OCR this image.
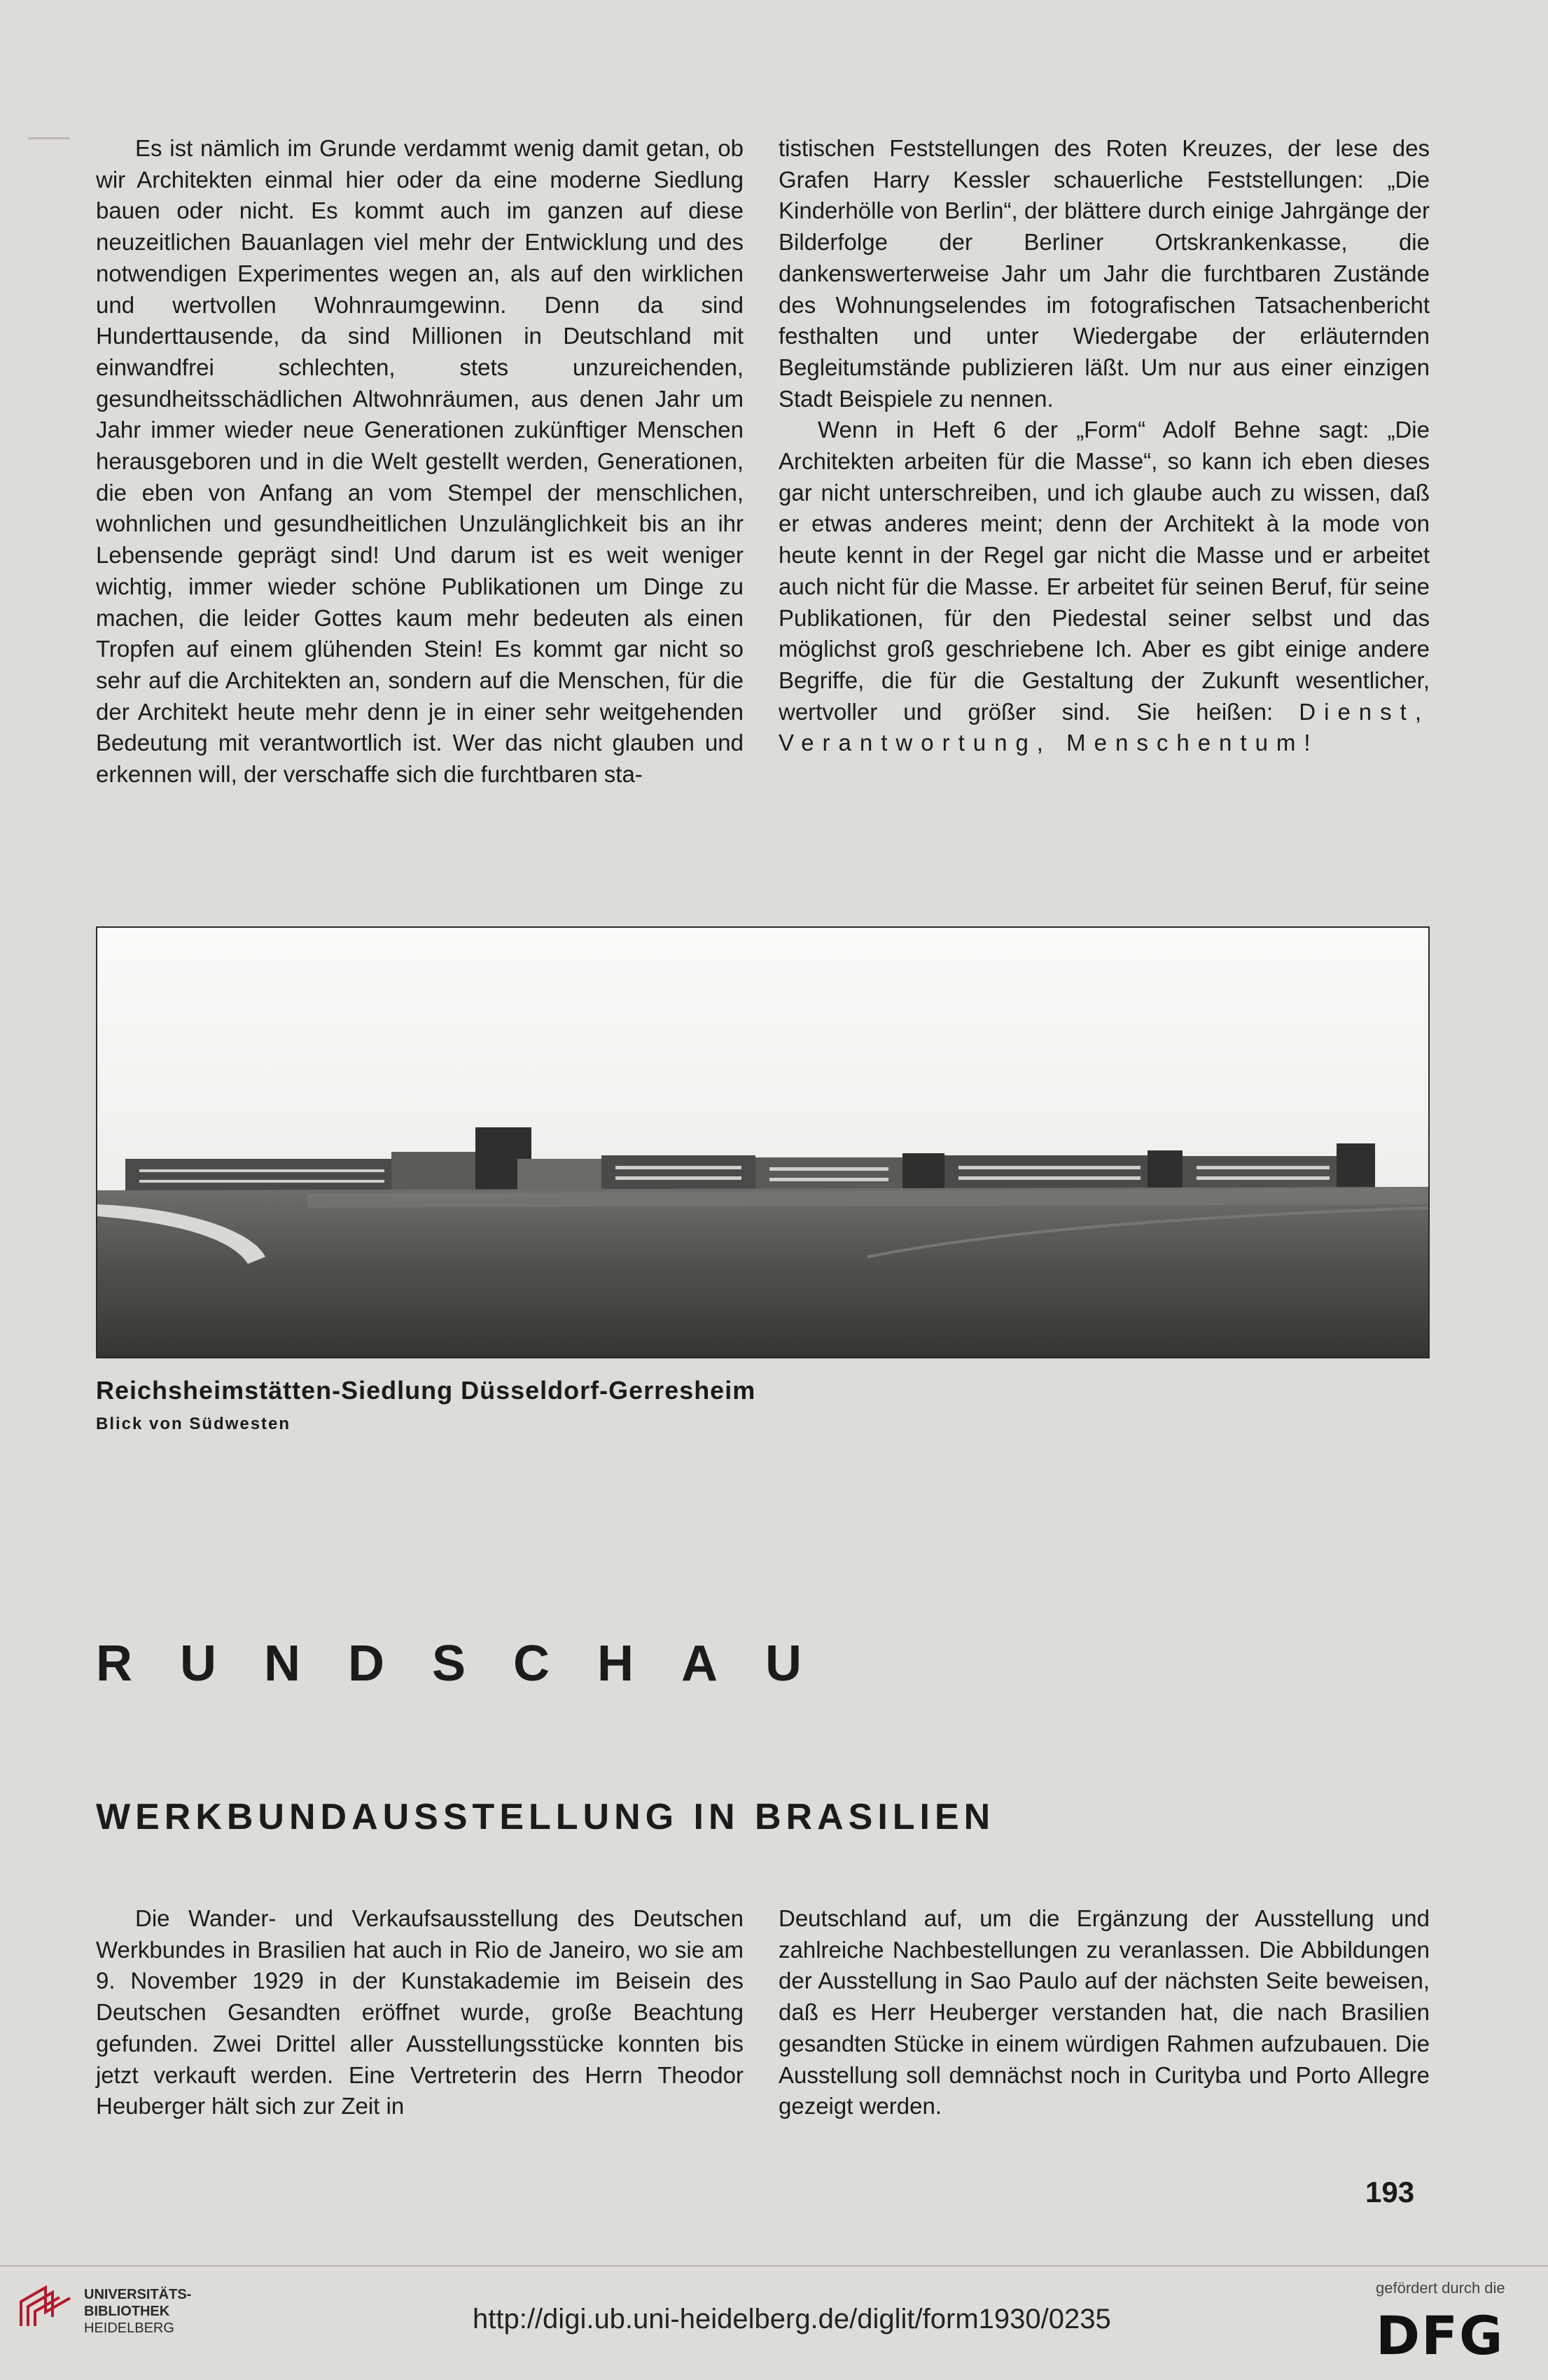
Es ist nämlich im Grunde verdammt wenig damit getan, ob wir Architekten einmal hier oder da eine moderne Siedlung bauen oder nicht. Es kommt auch im ganzen auf diese neuzeitlichen Bauanlagen viel mehr der Entwicklung und des notwendigen Experimentes wegen an, als auf den wirklichen und wertvollen Wohnraumgewinn. Denn da sind Hunderttausende, da sind Millionen in Deutschland mit einwandfrei schlechten, stets unzureichenden, gesundheitsschädlichen Altwohnräumen, aus denen Jahr um Jahr immer wieder neue Generationen zukünftiger Menschen herausgeboren und in die Welt gestellt werden, Generationen, die eben von Anfang an vom Stempel der menschlichen, wohnlichen und gesundheitlichen Unzulänglichkeit bis an ihr Lebensende geprägt sind! Und darum ist es weit weniger wichtig, immer wieder schöne Publikationen um Dinge zu machen, die leider Gottes kaum mehr bedeuten als einen Tropfen auf einem glühenden Stein! Es kommt gar nicht so sehr auf die Architekten an, sondern auf die Menschen, für die der Architekt heute mehr denn je in einer sehr weitgehenden Bedeutung mit verantwortlich ist. Wer das nicht glauben und erkennen will, der verschaffe sich die furchtbaren sta-

tistischen Feststellungen des Roten Kreuzes, der lese des Grafen Harry Kessler schauerliche Feststellungen: „Die Kinderhölle von Berlin“, der blättere durch einige Jahrgänge der Bilderfolge der Berliner Ortskrankenkasse, die dankenswerterweise Jahr um Jahr die furchtbaren Zustände des Wohnungselendes im fotografischen Tatsachenbericht festhalten und unter Wiedergabe der erläuternden Begleitumstände publizieren läßt. Um nur aus einer einzigen Stadt Beispiele zu nennen.

Wenn in Heft 6 der „Form“ Adolf Behne sagt: „Die Architekten arbeiten für die Masse“, so kann ich eben dieses gar nicht unterschreiben, und ich glaube auch zu wissen, daß er etwas anderes meint; denn der Architekt à la mode von heute kennt in der Regel gar nicht die Masse und er arbeitet auch nicht für die Masse. Er arbeitet für seinen Beruf, für seine Publikationen, für den Piedestal seiner selbst und das möglichst groß geschriebene Ich. Aber es gibt einige andere Begriffe, die für die Gestaltung der Zukunft wesentlicher, wertvoller und größer sind. Sie heißen: Dienst, Verantwortung, Menschentum!

Reichsheimstätten-Siedlung Düsseldorf-Gerresheim
Blick von Südwesten
RUNDSCHAU
WERKBUNDAUSSTELLUNG IN BRASILIEN

Die Wander- und Verkaufsausstellung des Deutschen Werkbundes in Brasilien hat auch in Rio de Janeiro, wo sie am 9. November 1929 in der Kunstakademie im Beisein des Deutschen Gesandten eröffnet wurde, große Beachtung gefunden. Zwei Drittel aller Ausstellungsstücke konnten bis jetzt verkauft werden. Eine Vertreterin des Herrn Theodor Heuberger hält sich zur Zeit in

Deutschland auf, um die Ergänzung der Ausstellung und zahlreiche Nachbestellungen zu veranlassen. Die Abbildungen der Ausstellung in Sao Paulo auf der nächsten Seite beweisen, daß es Herr Heuberger verstanden hat, die nach Brasilien gesandten Stücke in einem würdigen Rahmen aufzubauen. Die Ausstellung soll demnächst noch in Curityba und Porto Allegre gezeigt werden.

193
UNIVERSITÄTS-
BIBLIOTHEK
HEIDELBERG	http://digi.ub.uni-heidelberg.de/diglit/form1930/0235
gefördert durch die
DFG
